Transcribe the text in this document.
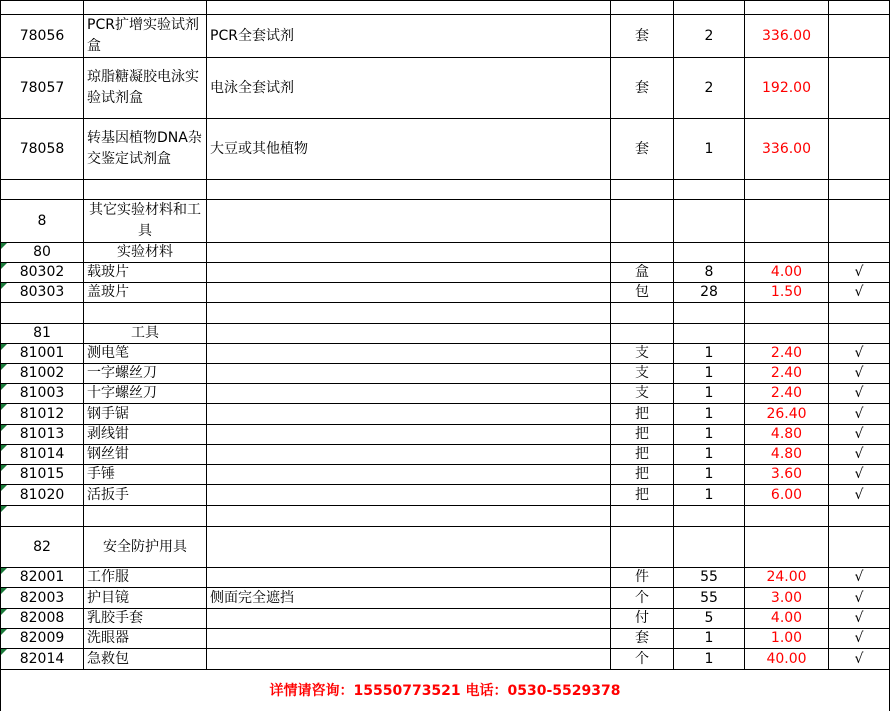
78056	PCR扩增实验试剂盒	PCR全套试剂	套	2	336.00	
78057	琼脂糖凝胶电泳实验试剂盒	电泳全套试剂	套	2	192.00	
78058	转基因植物DNA杂交鉴定试剂盒	大豆或其他植物	套	1	336.00	

8	其它实验材料和工具					

80	实验材料					

80302	载玻片		盒	8	4.00	√

80303	盖玻片		包	28	1.50	√

81	工具					

81001	测电笔		支	1	2.40	√

81002	一字螺丝刀		支	1	2.40	√

81003	十字螺丝刀		支	1	2.40	√

81012	钢手锯		把	1	26.40	√

81013	剥线钳		把	1	4.80	√

81014	钢丝钳		把	1	4.80	√

81015	手锤		把	1	3.60	√

81020	活扳手		把	1	6.00	√

82	安全防护用具					

82001	工作服		件	55	24.00	√

82003	护目镜	侧面完全遮挡	个	55	3.00	√

82008	乳胶手套		付	5	4.00	√

82009	洗眼器		套	1	1.00	√

82014	急救包		个	1	40.00	√
详情请咨询：15550773521 电话：0530-5529378
